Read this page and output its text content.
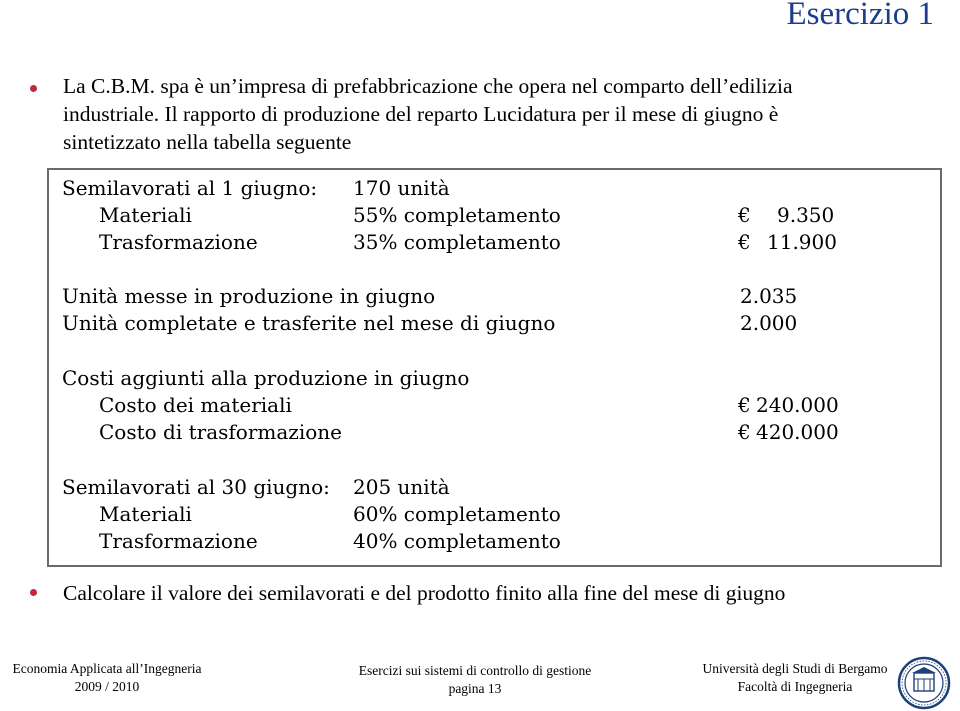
Esercizio 1
La C.B.M. spa è un’impresa di prefabbricazione che opera nel comparto dell’edilizia
industriale. Il rapporto di produzione del reparto Lucidatura per il mese di giugno è
sintetizzato nella tabella seguente
Semilavorati al 1 giugno: 170 unità
Materiali	55% completamento	€ 9.350
Trasformazione	35% completamento	€ 11.900
Unità messe in produzione in giugno	2.035
Unità completate e trasferite nel mese di giugno	2.000
Costi aggiunti alla produzione in giugno
Costo dei materiali	€ 240.000
Costo di trasformazione	€ 420.000
Semilavorati al 30 giugno: 205 unità
Materiali	60% completamento
Trasformazione	40% completamento
Calcolare il valore dei semilavorati e del prodotto finito alla fine del mese di giugno
Economia Applicata all’Ingegneria
2009 / 2010
Esercizi sui sistemi di controllo di gestione
pagina 13
Università degli Studi di Bergamo
Facoltà di Ingegneria
